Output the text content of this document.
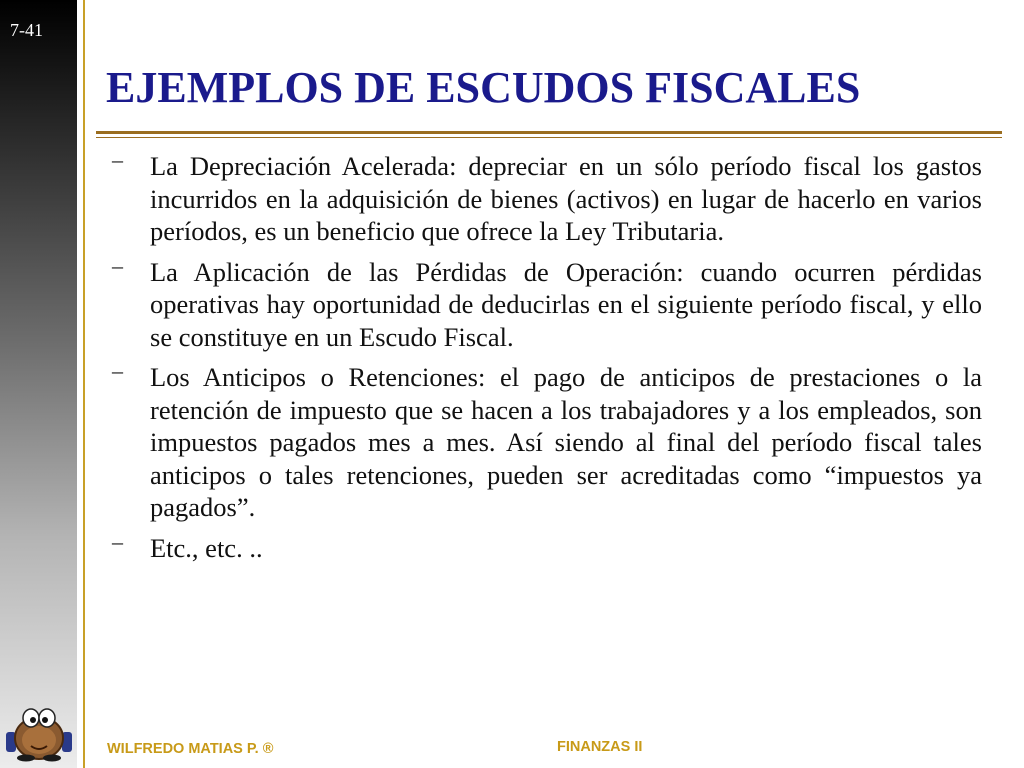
7-41
EJEMPLOS DE ESCUDOS FISCALES
– La Depreciación Acelerada: depreciar en un sólo período fiscal los gastos incurridos en la adquisición de bienes (activos) en lugar de hacerlo en varios períodos, es un beneficio que ofrece la Ley Tributaria.
– La Aplicación de las Pérdidas de Operación: cuando ocurren pérdidas operativas hay oportunidad de deducirlas en el siguiente período fiscal, y ello se constituye en un Escudo Fiscal.
– Los Anticipos o Retenciones: el pago de anticipos de prestaciones o la retención de impuesto que se hacen a los trabajadores y a los empleados, son impuestos pagados mes a mes. Así siendo al final del período fiscal tales anticipos o tales retenciones, pueden ser acreditadas como “impuestos ya pagados”.
– Etc., etc. ..
WILFREDO MATIAS P. ®	FINANZAS II
